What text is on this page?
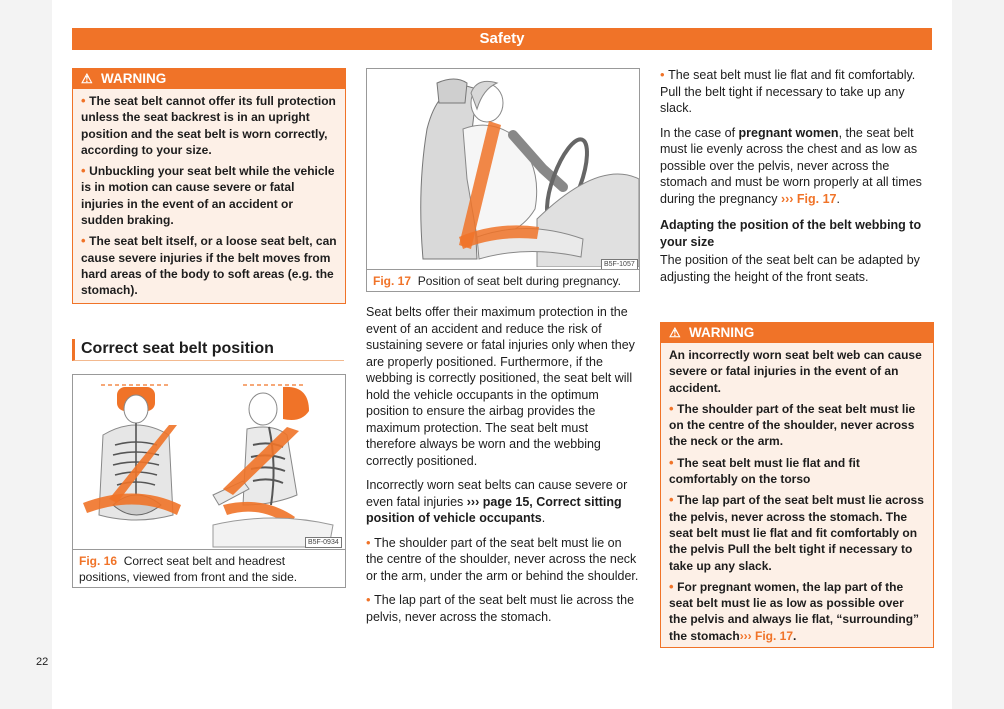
Safety
⚠ WARNING

• The seat belt cannot offer its full protection unless the seat backrest is in an upright position and the seat belt is worn correctly, according to your size.

• Unbuckling your seat belt while the vehicle is in motion can cause severe or fatal injuries in the event of an accident or sudden braking.

• The seat belt itself, or a loose seat belt, can cause severe injuries if the belt moves from hard areas of the body to soft areas (e.g. the stomach).

Correct seat belt position
B5F-0934
Fig. 16 Correct seat belt and headrest positions, viewed from front and the side.
B5F-1057
Fig. 17 Position of seat belt during pregnancy.

Seat belts offer their maximum protection in the event of an accident and reduce the risk of sustaining severe or fatal injuries only when they are properly positioned. Furthermore, if the webbing is correctly positioned, the seat belt will hold the vehicle occupants in the optimum position to ensure the airbag provides the maximum protection. The seat belt must therefore always be worn and the webbing correctly positioned.

Incorrectly worn seat belts can cause severe or even fatal injuries ››› page 15, Correct sitting position of vehicle occupants.

• The shoulder part of the seat belt must lie on the centre of the shoulder, never across the neck or the arm, under the arm or behind the shoulder.

• The lap part of the seat belt must lie across the pelvis, never across the stomach.

• The seat belt must lie flat and fit comfortably. Pull the belt tight if necessary to take up any slack.

In the case of pregnant women, the seat belt must lie evenly across the chest and as low as possible over the pelvis, never across the stomach and must be worn properly at all times during the pregnancy ››› Fig. 17.

Adapting the position of the belt webbing to your size

The position of the seat belt can be adapted by adjusting the height of the front seats.

⚠ WARNING

An incorrectly worn seat belt web can cause severe or fatal injuries in the event of an accident.

• The shoulder part of the seat belt must lie on the centre of the shoulder, never across the neck or the arm.

• The seat belt must lie flat and fit comfortably on the torso

• The lap part of the seat belt must lie across the pelvis, never across the stomach. The seat belt must lie flat and fit comfortably on the pelvis Pull the belt tight if necessary to take up any slack.

• For pregnant women, the lap part of the seat belt must lie as low as possible over the pelvis and always lie flat, “surrounding” the stomach››› Fig. 17.

22
